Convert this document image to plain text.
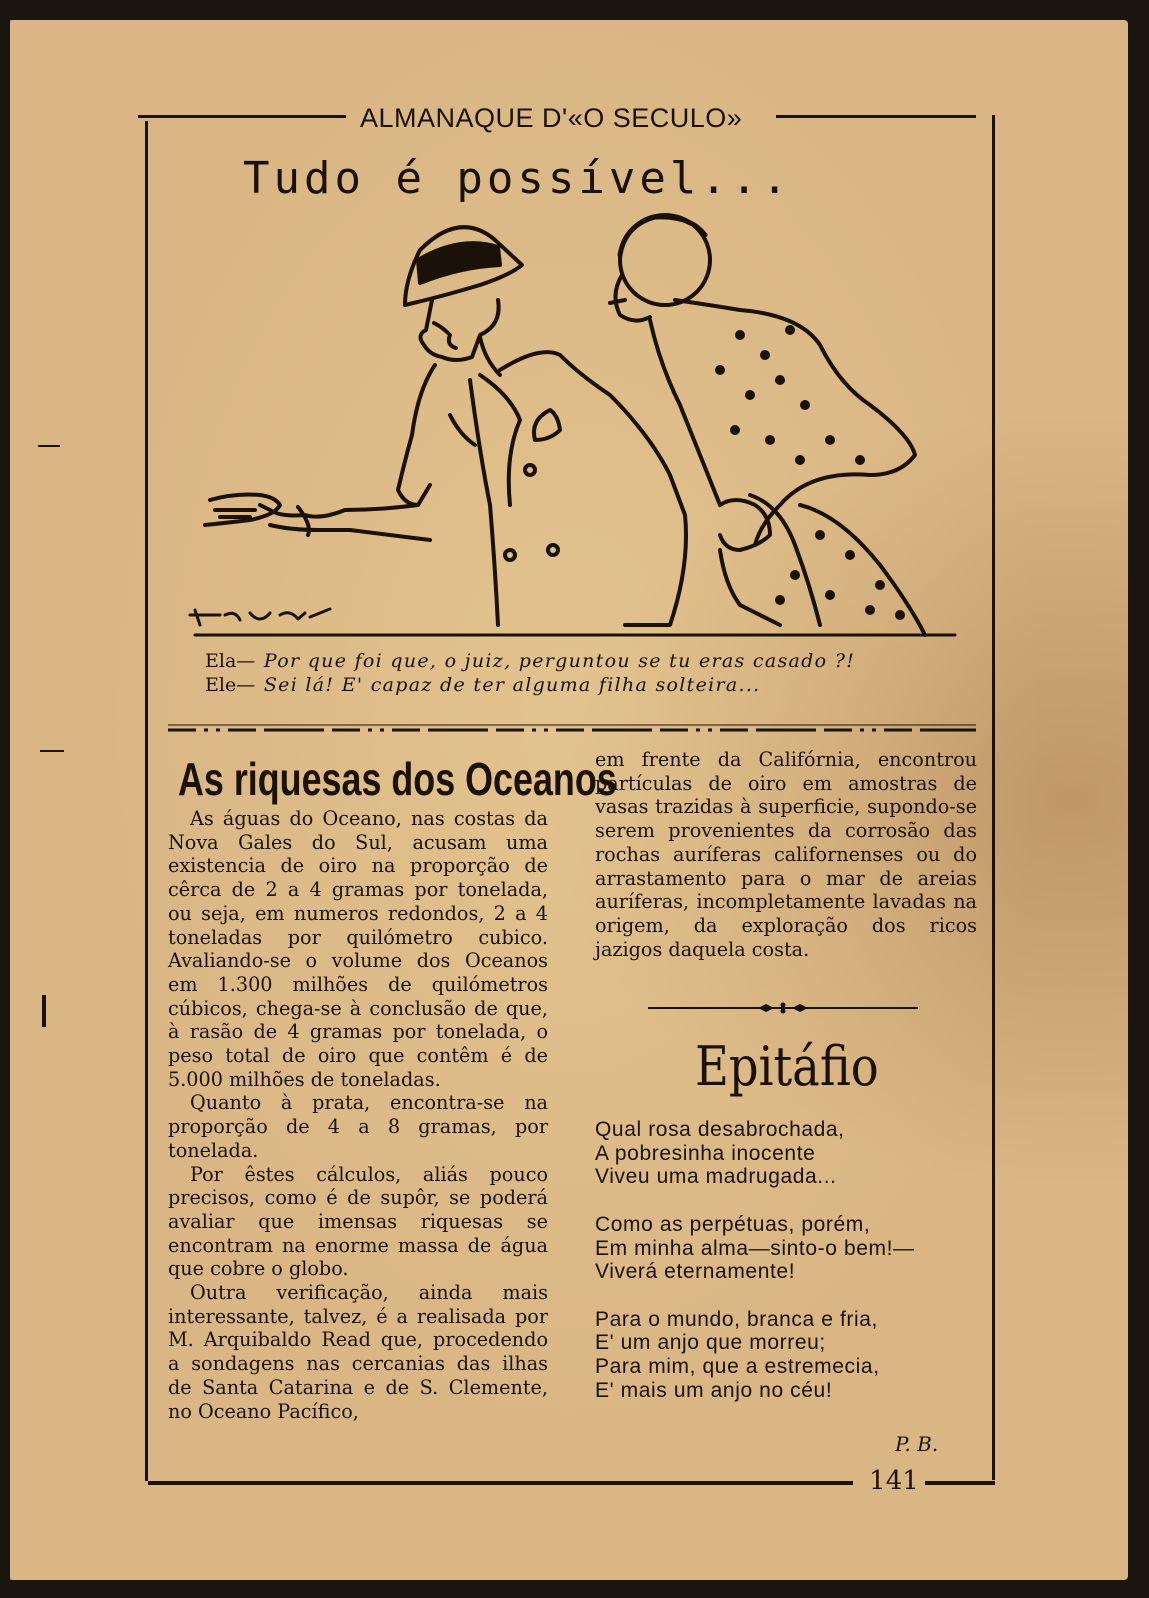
ALMANAQUE D'«O SECULO»
Tudo é possível...
Ela— Por que foi que, o juiz, perguntou se tu eras casado ?!
Ele— Sei lá! E' capaz de ter alguma filha solteira...
As riquesas dos Oceanos

As águas do Oceano, nas costas da Nova Gales do Sul, acusam uma existencia de oiro na proporção de cêrca de 2 a 4 gramas por tonelada, ou seja, em numeros redondos, 2 a 4 toneladas por quilómetro cubico. Avaliando-se o volume dos Oceanos em 1.300 milhões de quilómetros cúbicos, chega-se à conclusão de que, à rasão de 4 gramas por tonelada, o peso total de oiro que contêm é de 5.000 milhões de toneladas.

Quanto à prata, encontra-se na proporção de 4 a 8 gramas, por tonelada.

Por êstes cálculos, aliás pouco precisos, como é de supôr, se poderá avaliar que imensas riquesas se encontram na enorme massa de água que cobre o globo.

Outra verificação, ainda mais interessante, talvez, é a realisada por M. Arquibaldo Read que, procedendo a sondagens nas cercanias das ilhas de Santa Catarina e de S. Clemente, no Oceano Pacífico,

em frente da Califórnia, encontrou partículas de oiro em amostras de vasas trazidas à superficie, supondo-se serem provenientes da corrosão das rochas auríferas californenses ou do arrastamento para o mar de areias auríferas, incompletamente lavadas na origem, da exploração dos ricos jazigos daquela costa.

Epitáfio
Qual rosa desabrochada,
A pobresinha inocente
Viveu uma madrugada...
Como as perpétuas, porém,
Em minha alma—sinto-o bem!—
Viverá eternamente!
Para o mundo, branca e fria,
E' um anjo que morreu;
Para mim, que a estremecia,
E' mais um anjo no céu!
P. B.
141
